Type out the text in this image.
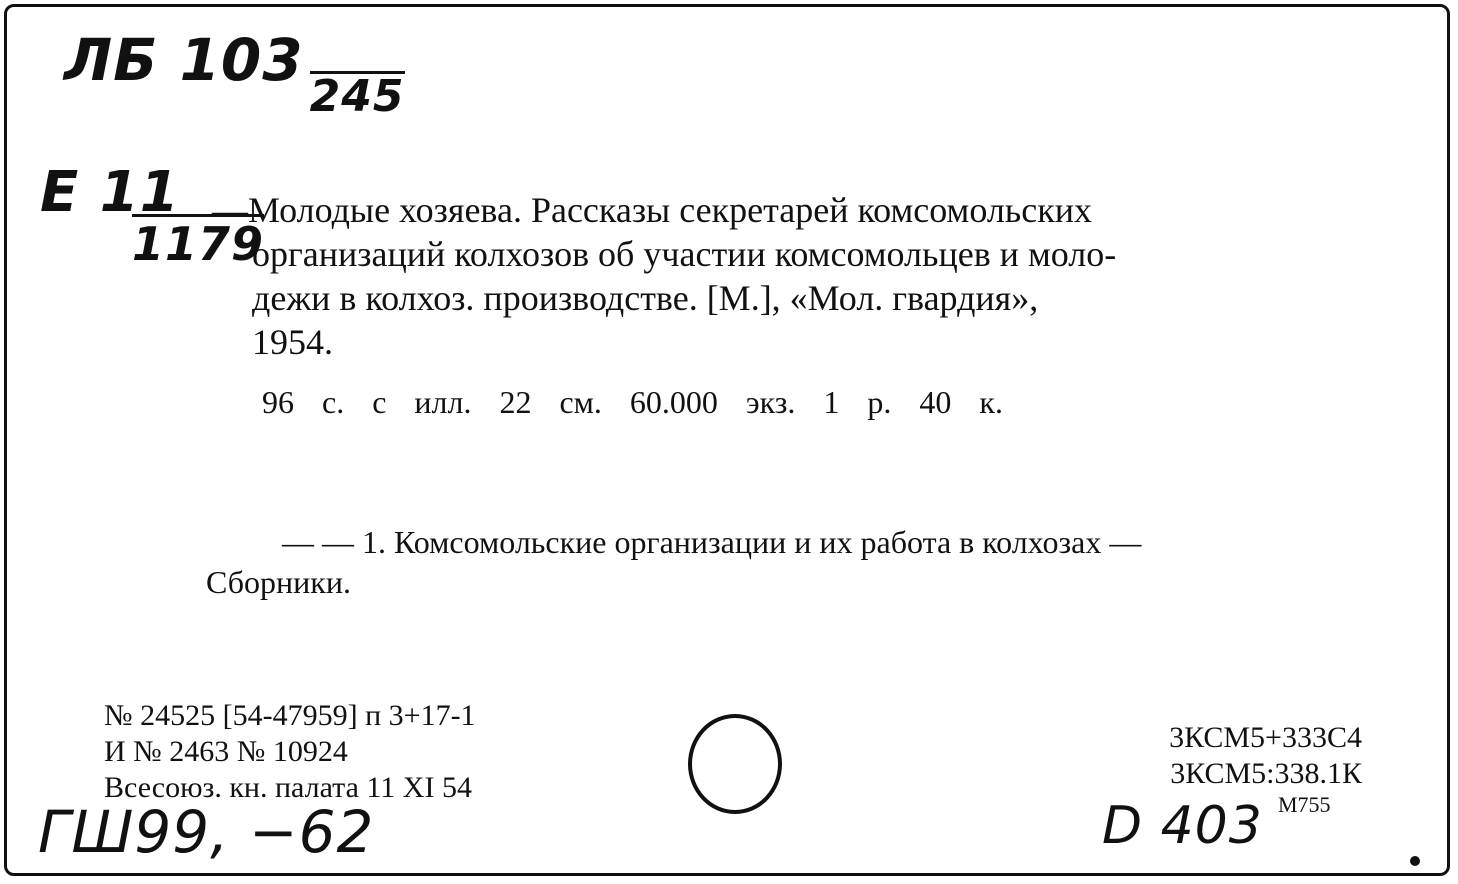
ЛБ 103245
Е 11
1179
—Молодые хозяева. Рассказы секретарей комсомольских
организаций колхозов об участии комсомольцев и моло-
дежи в колхоз. производстве. [М.], «Мол. гвардия»,
1954.
96 с. с илл. 22 см. 60.000 экз. 1 р. 40 к.
— — 1. Комсомольские организации и их работа в колхозах —
Сборники.
№ 24525 [54-47959] п 3+17-1
И № 2463 № 10924
Всесоюз. кн. палата 11 XI 54
3КСМ5+333С4
3КСМ5:338.1К
М755
ГШ99, −62	D 403
